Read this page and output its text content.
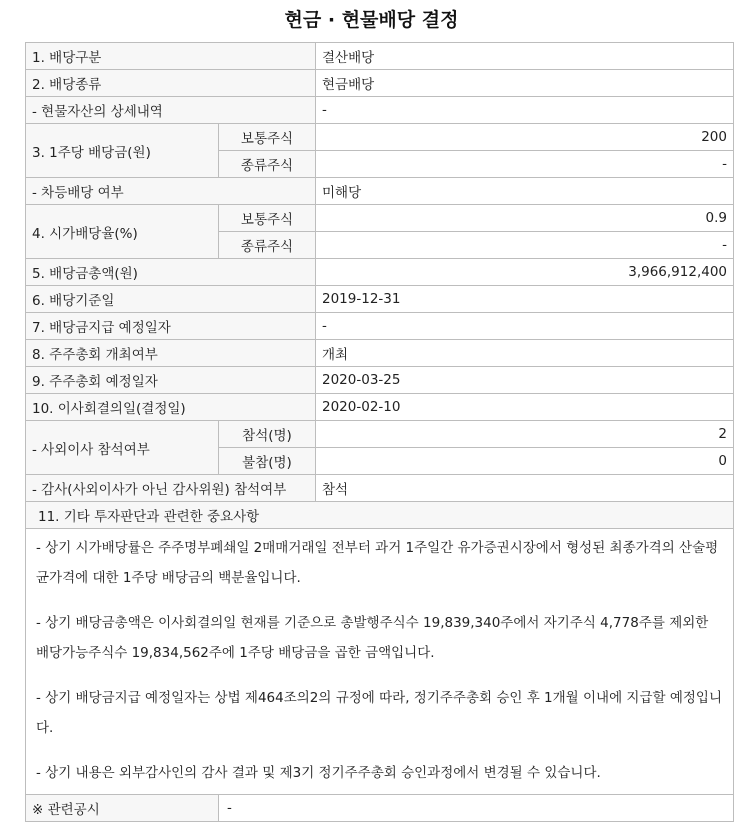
현금 · 현물배당 결정
1. 배당구분		결산배당
2. 배당종류		현금배당
- 현물자산의 상세내역		-
3. 1주당 배당금(원)	보통주식	200
	종류주식	-
- 차등배당 여부		미해당
4. 시가배당율(%)	보통주식	0.9
	종류주식	-
5. 배당금총액(원)		3,966,912,400
6. 배당기준일		2019-12-31
7. 배당금지급 예정일자		-
8. 주주총회 개최여부		개최
9. 주주총회 예정일자		2020-03-25
10. 이사회결의일(결정일)		2020-02-10
- 사외이사 참석여부	참석(명)	2
	불참(명)	0
- 감사(사외이사가 아닌 감사위원) 참석여부		참석
11. 기타 투자판단과 관련한 중요사항		

- 상기 시가배당률은 주주명부폐쇄일 2매매거래일 전부터 과거 1주일간 유가증권시장에서 형성된 최종가격의 산술평균가격에 대한 1주당 배당금의 백분율입니다.

- 상기 배당금총액은 이사회결의일 현재를 기준으로 총발행주식수 19,839,340주에서 자기주식 4,778주를 제외한 배당가능주식수 19,834,562주에 1주당 배당금을 곱한 금액입니다.

- 상기 배당금지급 예정일자는 상법 제464조의2의 규정에 따라, 정기주주총회 승인 후 1개월 이내에 지급할 예정입니다.

- 상기 내용은 외부감사인의 감사 결과 및 제3기 정기주주총회 승인과정에서 변경될 수 있습니다.		

※ 관련공시	-	
